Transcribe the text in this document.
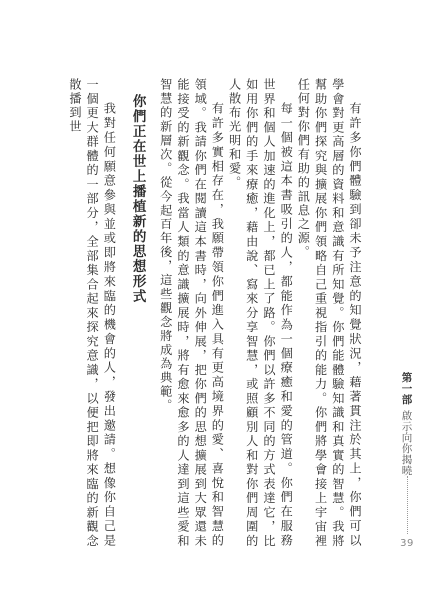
有許多你們體驗到卻未予注意的知覺狀況，藉著貫注於其上，你們可以學會對更高層的資料和意識有所知覺。你們能體驗知識和真實的智慧。我將幫助你們探究與擴展你們領略自己重視指引的能力。你們將學會接上宇宙裡任何對你們有助的訊息之源。

每一個被這本書吸引的人，都能作為一個療癒和愛的管道。你們在服務世界和個人加速的進化上，都已上了路。你們以許多不同的方式表達它，比如用你們的手來療癒，藉由說、寫來分享智慧，或照顧別人和對你們周圍的人散布光明和愛。

有許多實相存在，我願帶領你們進入具有更高境界的愛、喜悅和智慧的領域。我請你們在閱讀這本書時，向外伸展，把你們的思想擴展到大眾還未能接受的新觀念。我當人類的意識擴展時，將有愈來愈多的人達到這些愛和智慧的新層次。從今起百年後，這些觀念將成為典範。

你們正在世上播植新的思想形式

我對任何願意參與並或即將來臨的機會的人，發出邀請。想像你自己是一個更大群體的一部分，全部集合起來探究意識，以便把即將來臨的新觀念散播到世

第一部
啟示向你揭曉
39
